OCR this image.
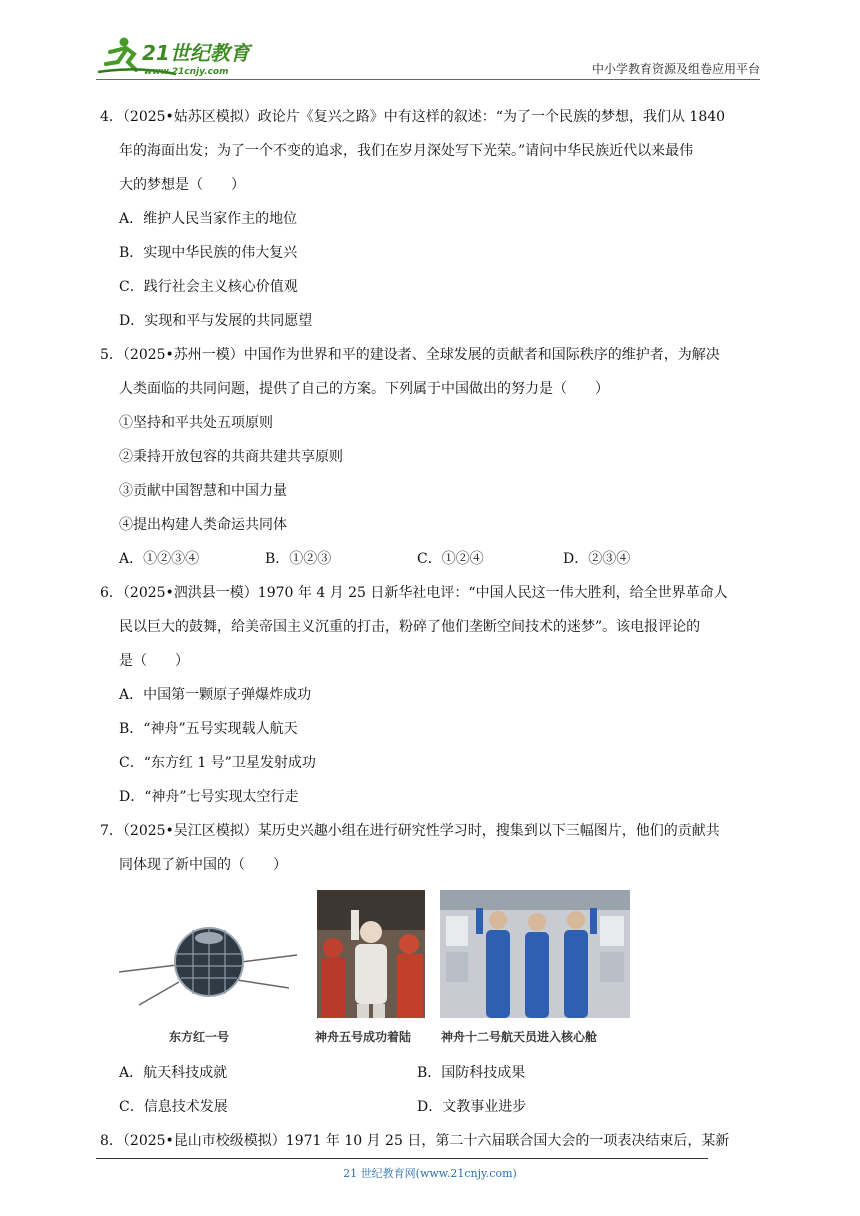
21世纪教育
www.21cnjy.com	中小学教育资源及组卷应用平台

4．（2025•姑苏区模拟）政论片《复兴之路》中有这样的叙述：“为了一个民族的梦想，我们从 1840

年的海面出发；为了一个不变的追求，我们在岁月深处写下光荣。”请问中华民族近代以来最伟

大的梦想是（　　）

A．维护人民当家作主的地位

B．实现中华民族的伟大复兴

C．践行社会主义核心价值观

D．实现和平与发展的共同愿望

5．（2025•苏州一模）中国作为世界和平的建设者、全球发展的贡献者和国际秩序的维护者，为解决

人类面临的共同问题，提供了自己的方案。下列属于中国做出的努力是（　　）

①坚持和平共处五项原则

②秉持开放包容的共商共建共享原则

③贡献中国智慧和中国力量

④提出构建人类命运共同体

A．①②③④	B．①②③	C．①②④	D．②③④

6．（2025•泗洪县一模）1970 年 4 月 25 日新华社电评：“中国人民这一伟大胜利，给全世界革命人

民以巨大的鼓舞，给美帝国主义沉重的打击，粉碎了他们垄断空间技术的迷梦”。该电报评论的

是（　　）

A．中国第一颗原子弹爆炸成功

B．“神舟”五号实现载人航天

C．“东方红 1 号”卫星发射成功

D．“神舟”七号实现太空行走

7．（2025•吴江区模拟）某历史兴趣小组在进行研究性学习时，搜集到以下三幅图片，他们的贡献共

同体现了新中国的（　　）

东方红一号	神舟五号成功着陆 神舟十二号航天员进入核心舱
A．航天科技成就	B．国防科技成果
C．信息技术发展	D．文教事业进步

8．（2025•昆山市校级模拟）1971 年 10 月 25 日，第二十六届联合国大会的一项表决结束后，某新

21 世纪教育网(www.21cnjy.com)
